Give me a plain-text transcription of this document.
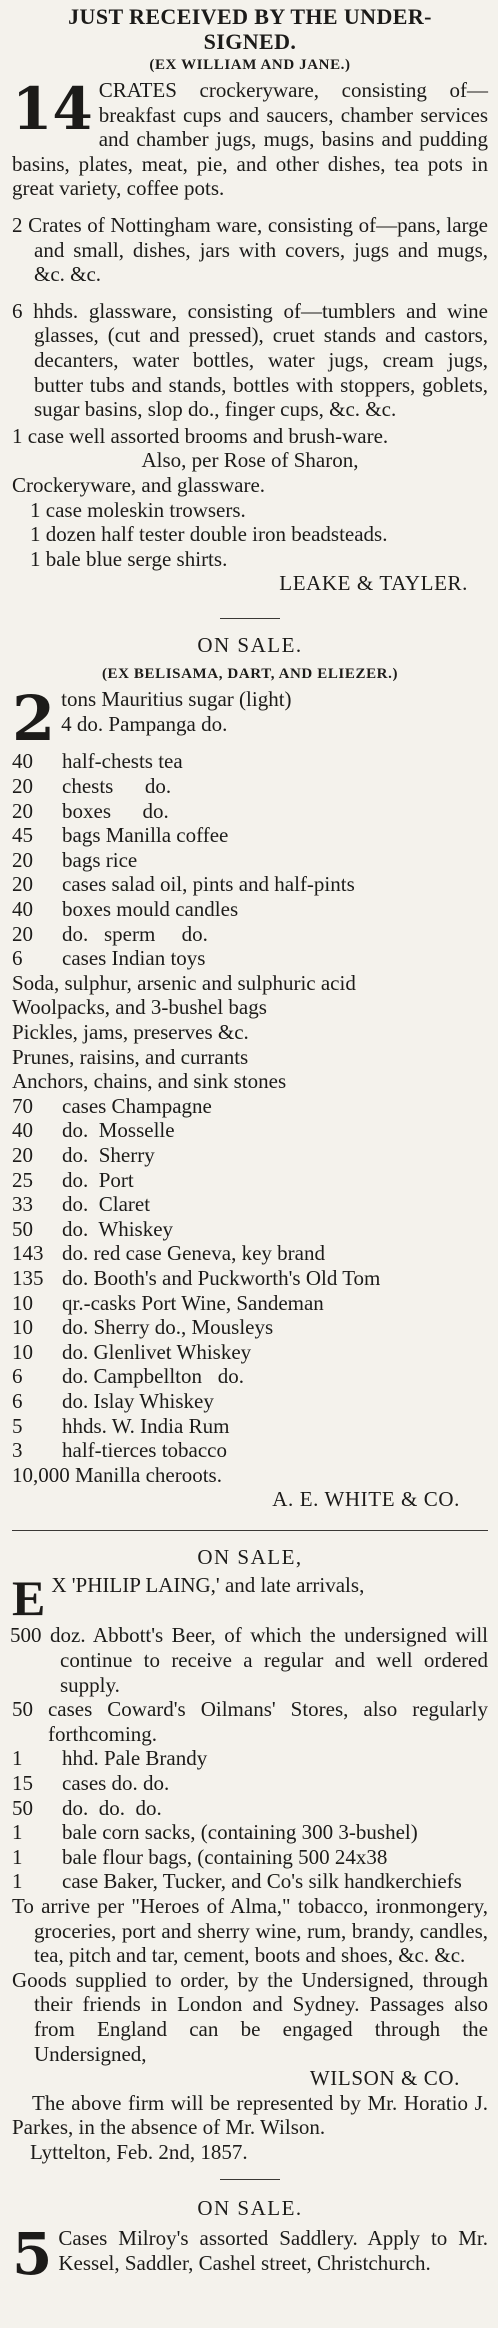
JUST RECEIVED BY THE UNDER-
SIGNED.
(EX WILLIAM AND JANE.)
14 CRATES crockeryware, consisting of—breakfast cups and saucers, chamber services and chamber jugs, mugs, basins and pudding basins, plates, meat, pie, and other dishes, tea pots in great variety, coffee pots.
2 Crates of Nottingham ware, consisting of—pans, large and small, dishes, jars with covers, jugs and mugs, &c. &c.
6 hhds. glassware, consisting of—tumblers and wine glasses, (cut and pressed), cruet stands and castors, decanters, water bottles, water jugs, cream jugs, butter tubs and stands, bottles with stoppers, goblets, sugar basins, slop do., finger cups, &c. &c.
1 case well assorted brooms and brush-ware.
Also, per Rose of Sharon,
Crockeryware, and glassware.
1 case moleskin trowsers.
1 dozen half tester double iron beadsteads.
1 bale blue serge shirts.
LEAKE & TAYLER.
ON SALE.
(EX BELISAMA, DART, AND ELIEZER.)
2 tons Mauritius sugar (light)
4 do. Pampanga do.
40	half-chests tea
20	chests      do.
20	boxes      do.
45	bags Manilla coffee
20	bags rice
20	cases salad oil, pints and half-pints
40	boxes mould candles
20	do.   sperm     do.
6	cases Indian toys
Soda, sulphur, arsenic and sulphuric acid
Woolpacks, and 3-bushel bags
Pickles, jams, preserves &c.
Prunes, raisins, and currants
Anchors, chains, and sink stones
70	cases Champagne
40	do.  Mosselle
20	do.  Sherry
25	do.  Port
33	do.  Claret
50	do.  Whiskey
143 do. red case Geneva, key brand
135 do. Booth's and Puckworth's Old Tom
10	qr.-casks Port Wine, Sandeman
10	do. Sherry do., Mousleys
10	do. Glenlivet Whiskey
6	do. Campbellton   do.
6	do. Islay Whiskey
5	hhds. W. India Rum
3	half-tierces tobacco
10,000 Manilla cheroots.
A. E. WHITE & CO.
ON SALE,
E X 'PHILIP LAING,' and late arrivals,
500 doz. Abbott's Beer, of which the undersigned will continue to receive a regular and well ordered supply.
50 cases Coward's Oilmans' Stores, also regularly forthcoming.
1	hhd. Pale Brandy
15	cases do. do.
50	do.  do.  do.
1	bale corn sacks, (containing 300 3-bushel)
1	bale flour bags, (containing 500 24x38
1	case Baker, Tucker, and Co's silk handkerchiefs
To arrive per "Heroes of Alma," tobacco, ironmongery, groceries, port and sherry wine, rum, brandy, candles, tea, pitch and tar, cement, boots and shoes, &c. &c.
Goods supplied to order, by the Undersigned, through their friends in London and Sydney. Passages also from England can be engaged through the Undersigned,
WILSON & CO.
The above firm will be represented by Mr. Horatio J. Parkes, in the absence of Mr. Wilson.
Lyttelton, Feb. 2nd, 1857.
ON SALE.
5 Cases Milroy's assorted Saddlery. Apply to Mr. Kessel, Saddler, Cashel street, Christchurch.
